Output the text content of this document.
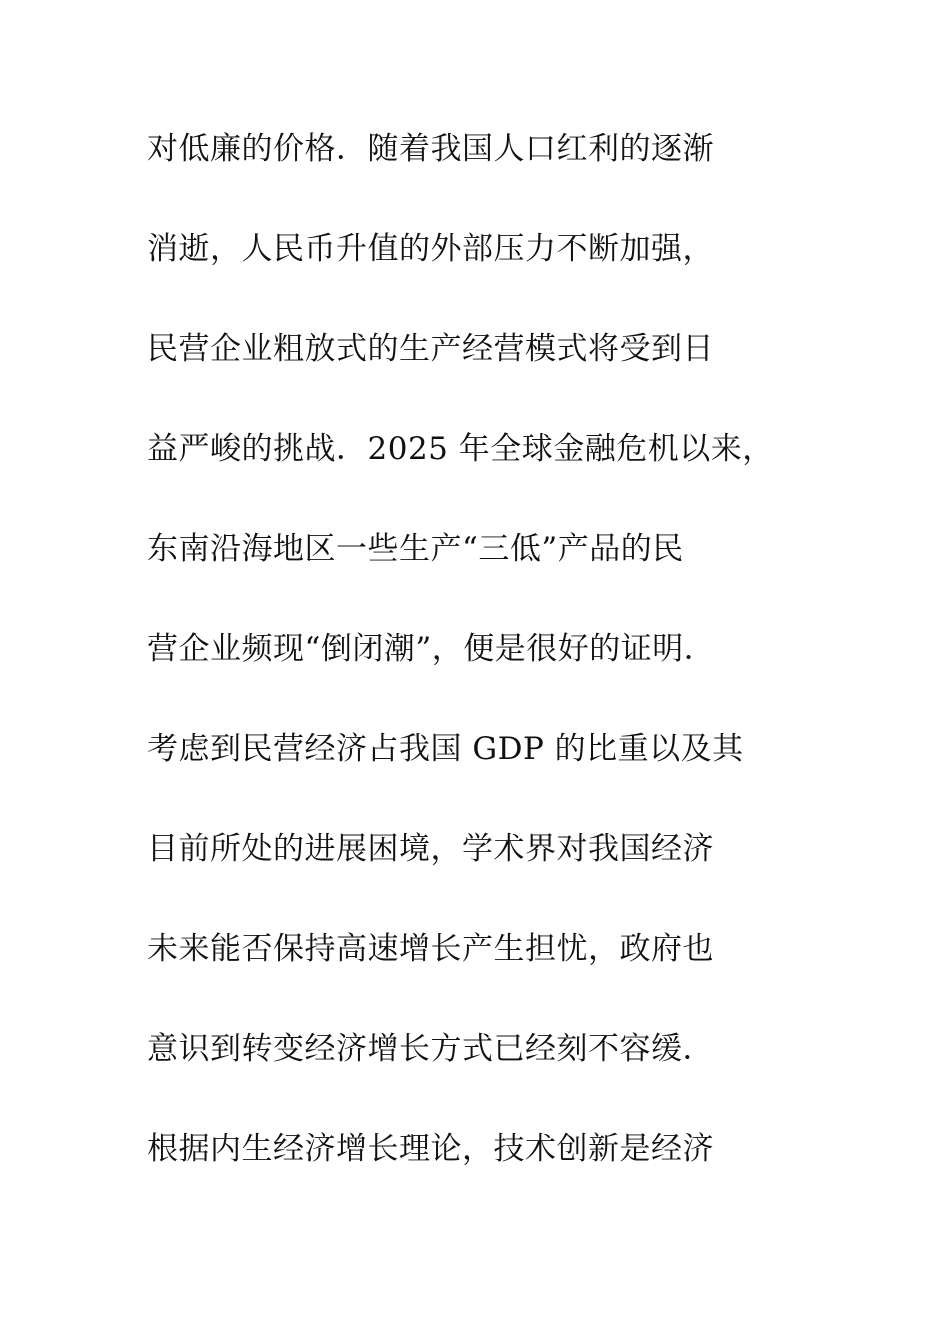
对低廉的价格．随着我国人口红利的逐渐
消逝，人民币升值的外部压力不断加强，
民营企业粗放式的生产经营模式将受到日
益严峻的挑战．2025 年全球金融危机以来，
东南沿海地区一些生产“三低”产品的民
营企业频现“倒闭潮”，便是很好的证明．
考虑到民营经济占我国 GDP 的比重以及其
目前所处的进展困境，学术界对我国经济
未来能否保持高速增长产生担忧，政府也
意识到转变经济增长方式已经刻不容缓．
根据内生经济增长理论，技术创新是经济
